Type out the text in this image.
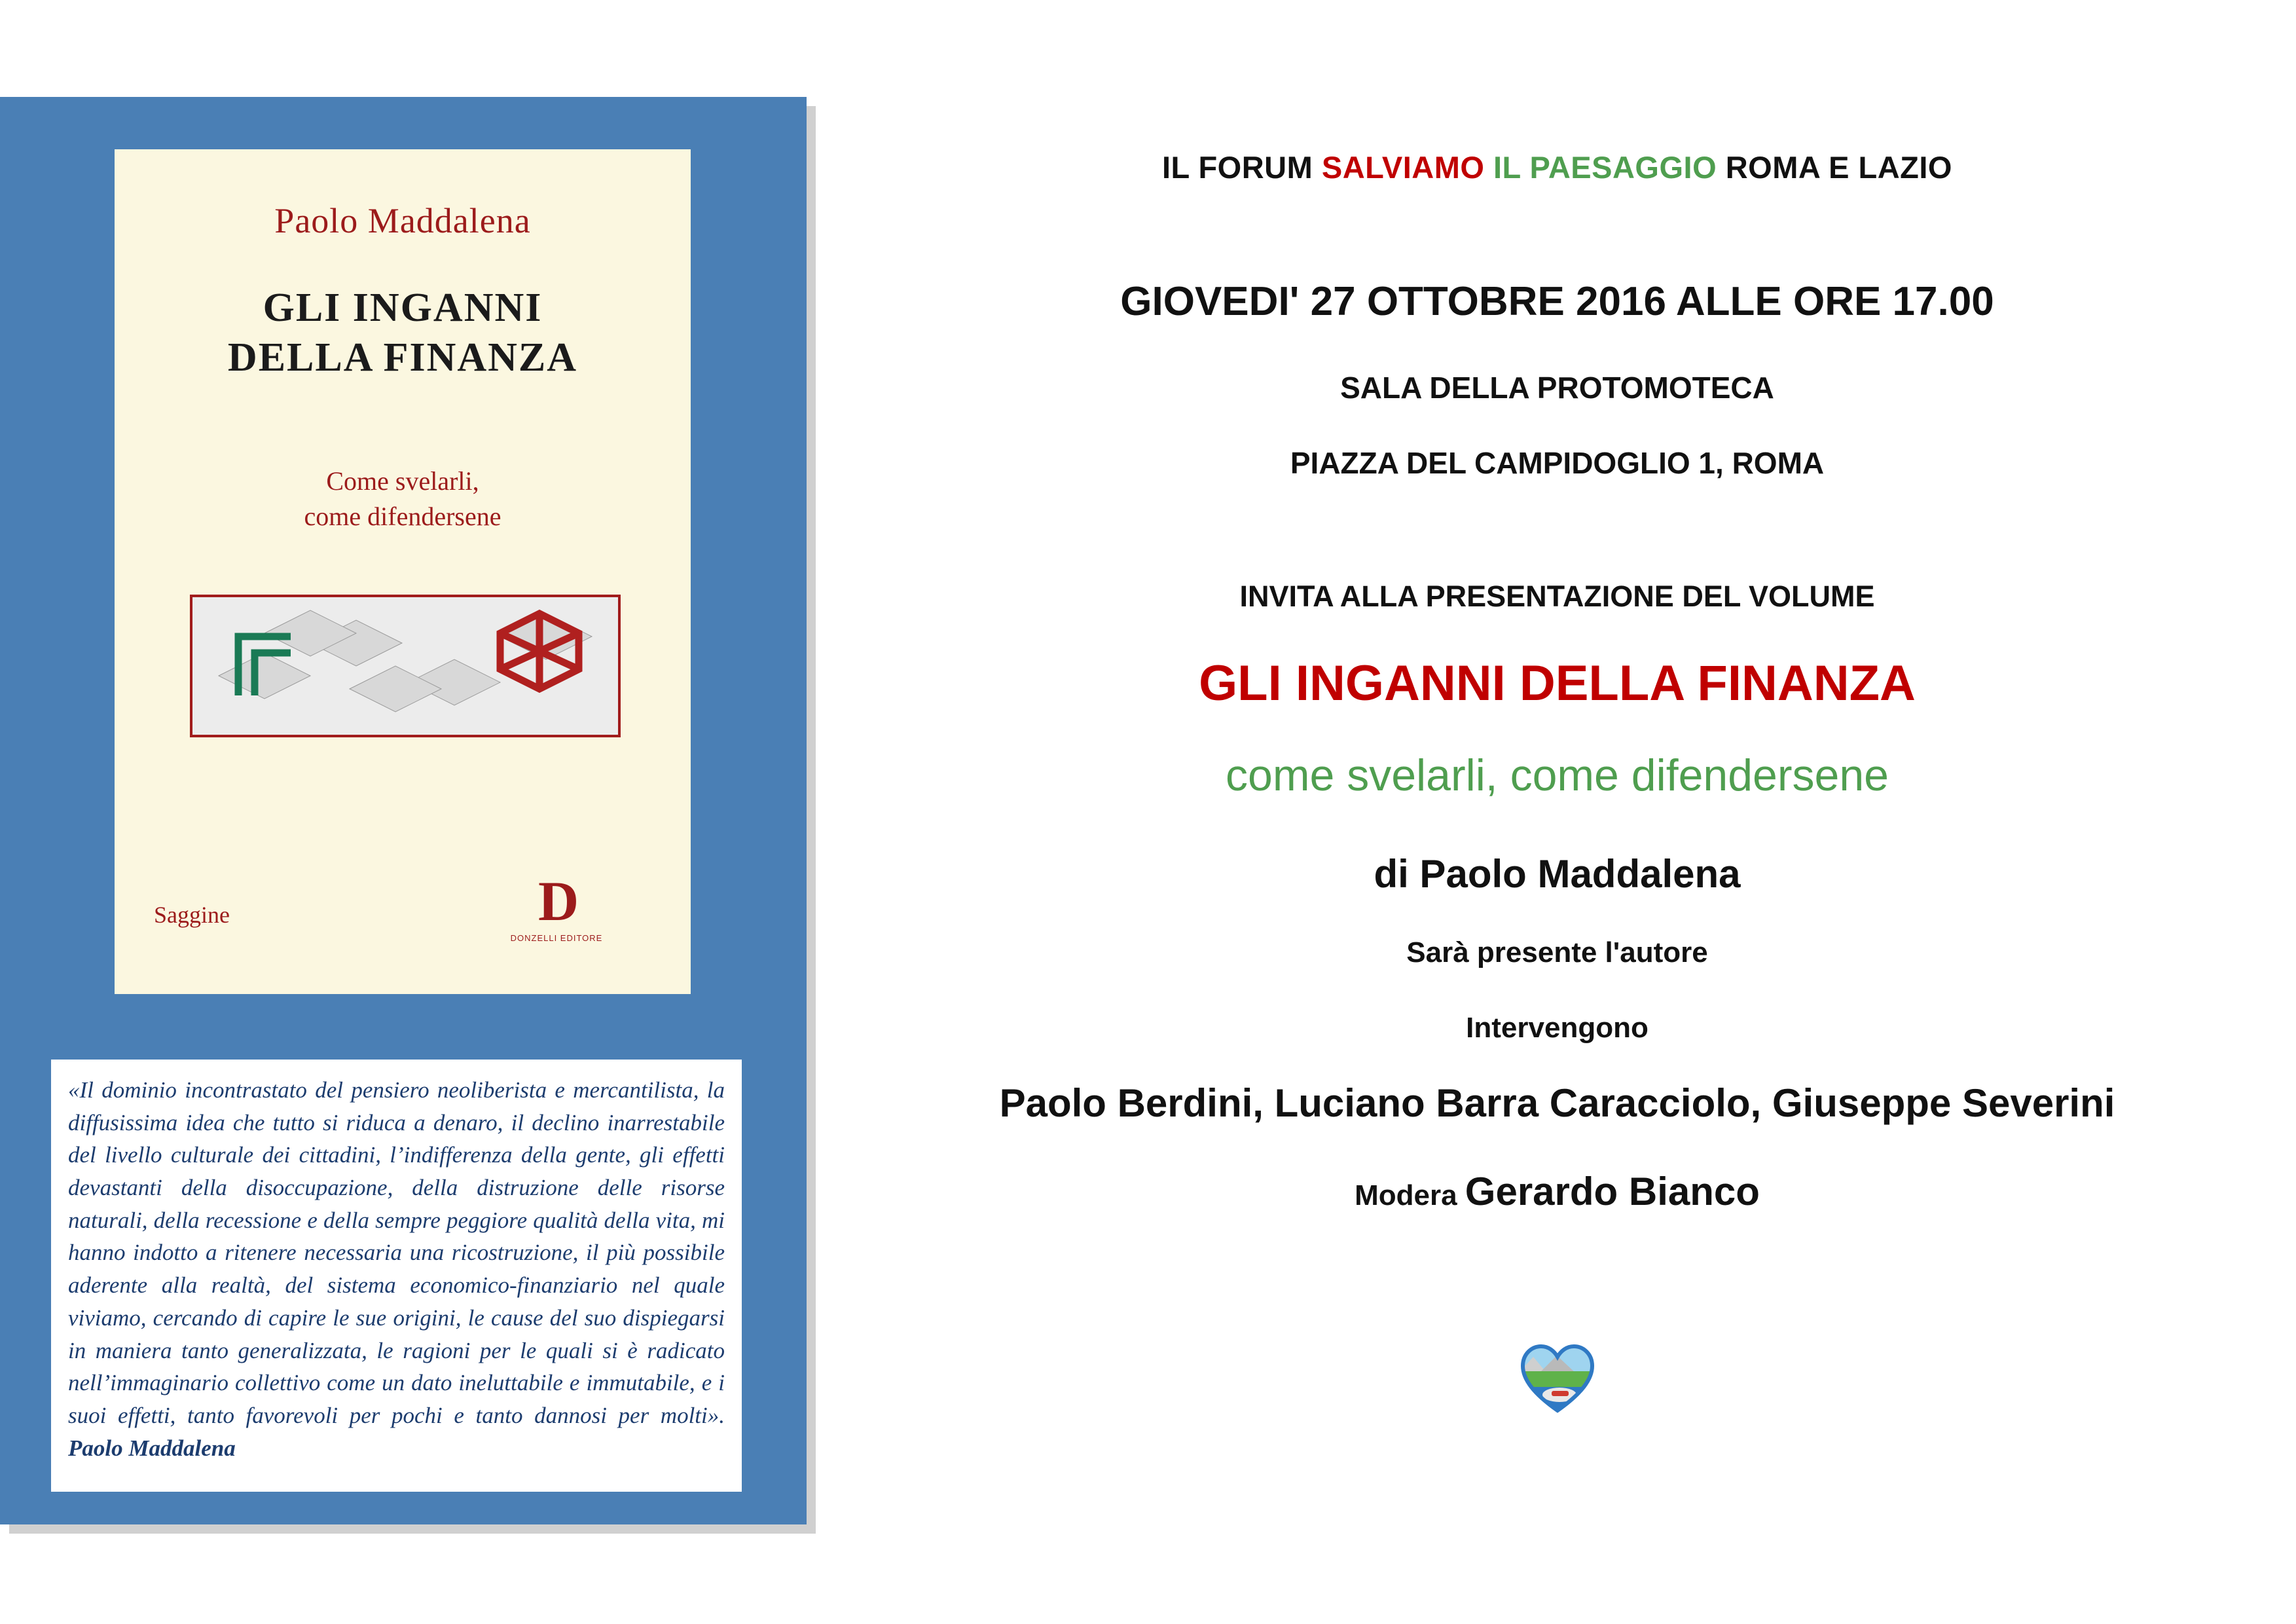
Paolo Maddalena
GLI INGANNI
DELLA FINANZA
Come svelarli,
come difendersene
Saggine	D
DONZELLI EDITORE

«Il dominio incontrastato del pensiero neoliberista e mercantilista, la diffusissima idea che tutto si riduca a denaro, il declino inarrestabile del livello culturale dei cittadini, l’indifferenza della gente, gli effetti devastanti della disoccupazione, della distruzione delle risorse naturali, della recessione e della sempre peggiore qualità della vita, mi hanno indotto a ritenere necessaria una ricostruzione, il più possibile aderente alla realtà, del sistema economico-finanziario nel quale viviamo, cercando di capire le sue origini, le cause del suo dispiegarsi in maniera tanto generalizzata, le ragioni per le quali si è radicato nell’immaginario collettivo come un dato ineluttabile e immutabile, e i suoi effetti, tanto favorevoli per pochi e tanto dannosi per molti». Paolo Maddalena

IL FORUM SALVIAMO IL PAESAGGIO ROMA E LAZIO
GIOVEDI' 27 OTTOBRE 2016 ALLE ORE 17.00
SALA DELLA PROTOMOTECA
PIAZZA DEL CAMPIDOGLIO 1, ROMA
INVITA ALLA PRESENTAZIONE DEL VOLUME
GLI INGANNI DELLA FINANZA
come svelarli, come difendersene
di Paolo Maddalena
Sarà presente l'autore
Intervengono
Paolo Berdini, Luciano Barra Caracciolo, Giuseppe Severini
Modera Gerardo Bianco
